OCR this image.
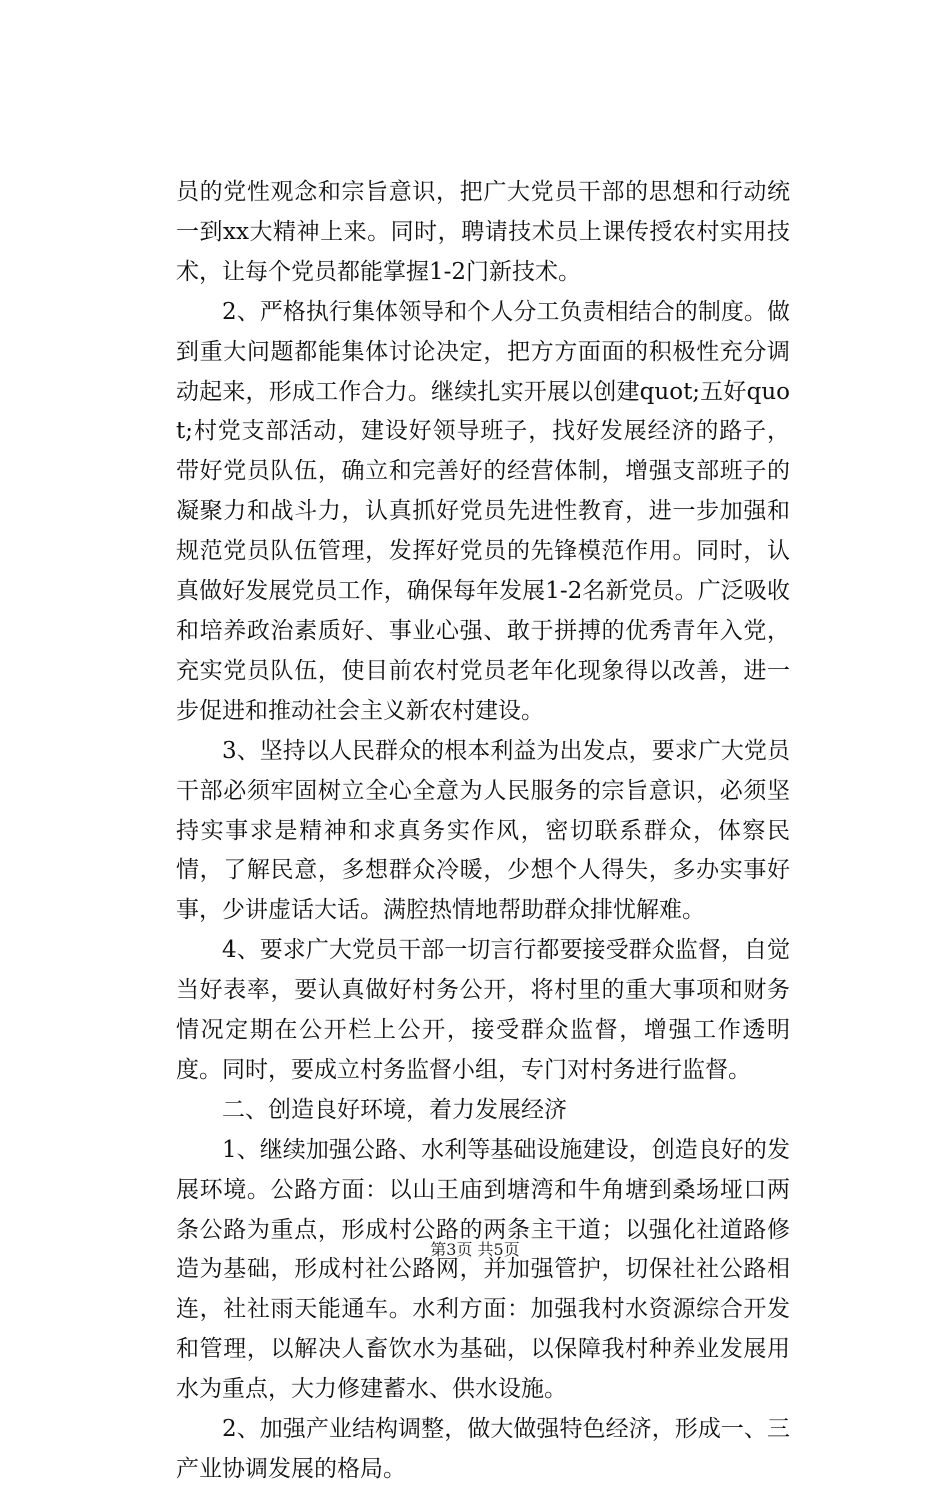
员的党性观念和宗旨意识，把广大党员干部的思想和行动统一到xx大精神上来。同时，聘请技术员上课传授农村实用技术，让每个党员都能掌握1-2门新技术。

2、严格执行集体领导和个人分工负责相结合的制度。做到重大问题都能集体讨论决定，把方方面面的积极性充分调动起来，形成工作合力。继续扎实开展以创建quot;五好quot;村党支部活动，建设好领导班子，找好发展经济的路子，带好党员队伍，确立和完善好的经营体制，增强支部班子的凝聚力和战斗力，认真抓好党员先进性教育，进一步加强和规范党员队伍管理，发挥好党员的先锋模范作用。同时，认真做好发展党员工作，确保每年发展1-2名新党员。广泛吸收和培养政治素质好、事业心强、敢于拼搏的优秀青年入党，充实党员队伍，使目前农村党员老年化现象得以改善，进一步促进和推动社会主义新农村建设。

3、坚持以人民群众的根本利益为出发点，要求广大党员干部必须牢固树立全心全意为人民服务的宗旨意识，必须坚持实事求是精神和求真务实作风，密切联系群众，体察民情，了解民意，多想群众冷暖，少想个人得失，多办实事好事，少讲虚话大话。满腔热情地帮助群众排忧解难。

4、要求广大党员干部一切言行都要接受群众监督，自觉当好表率，要认真做好村务公开，将村里的重大事项和财务情况定期在公开栏上公开，接受群众监督，增强工作透明度。同时，要成立村务监督小组，专门对村务进行监督。

二、创造良好环境，着力发展经济

1、继续加强公路、水利等基础设施建设，创造良好的发展环境。公路方面：以山王庙到塘湾和牛角塘到桑场垭口两条公路为重点，形成村公路的两条主干道；以强化社道路修造为基础，形成村社公路网，并加强管护，切保社社公路相连，社社雨天能通车。水利方面：加强我村水资源综合开发和管理，以解决人畜饮水为基础，以保障我村种养业发展用水为重点，大力修建蓄水、供水设施。

2、加强产业结构调整，做大做强特色经济，形成一、三产业协调发展的格局。

第3页 共5页
